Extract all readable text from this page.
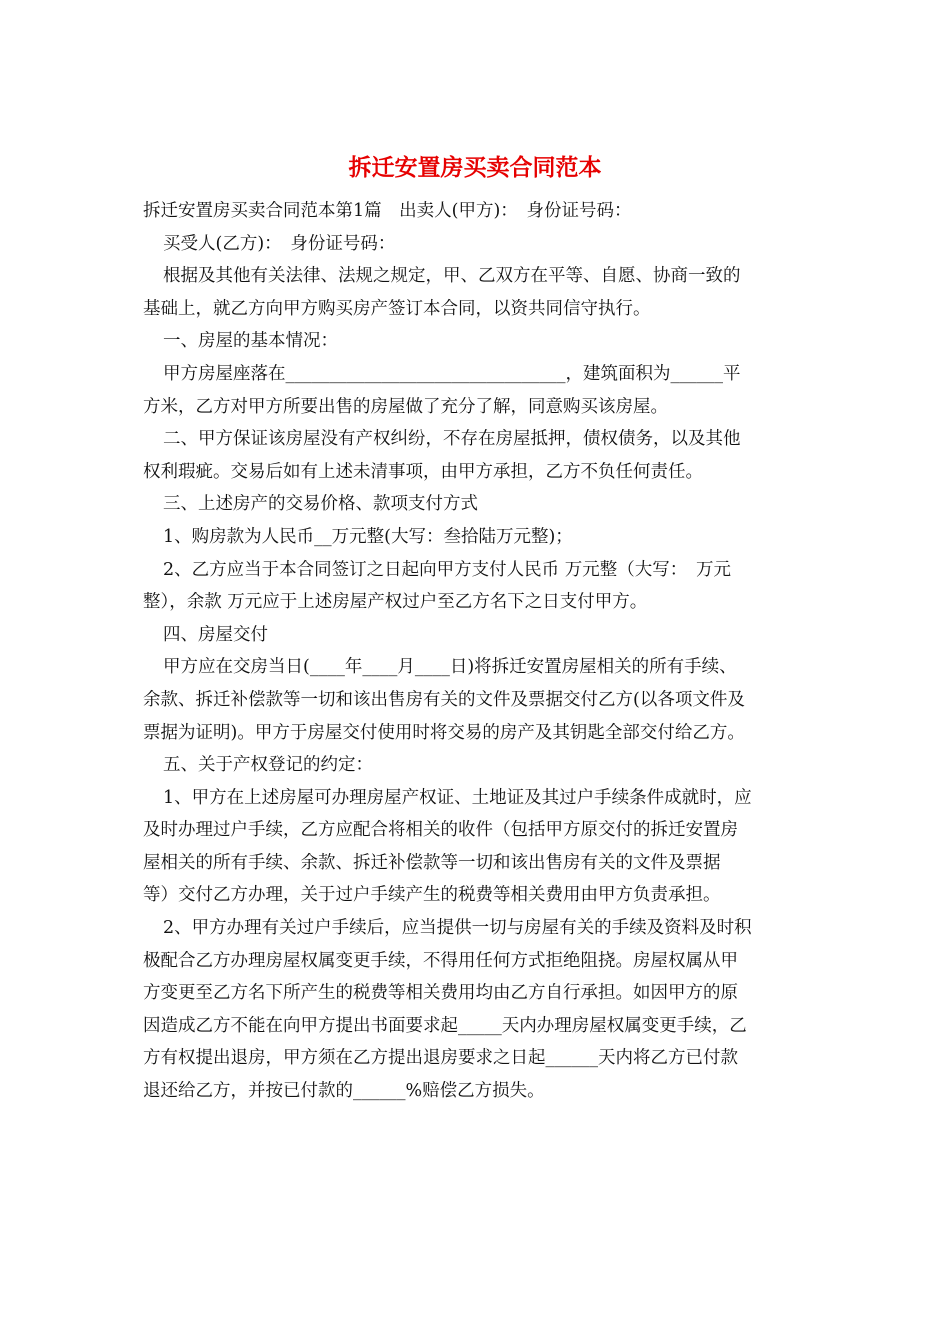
拆迁安置房买卖合同范本
拆迁安置房买卖合同范本第1篇　出卖人(甲方)：　身份证号码：
买受人(乙方)：　身份证号码：
根据及其他有关法律、法规之规定，甲、乙双方在平等、自愿、协商一致的
基础上，就乙方向甲方购买房产签订本合同，以资共同信守执行。
一、房屋的基本情况：
甲方房屋座落在________________________________，建筑面积为______平
方米，乙方对甲方所要出售的房屋做了充分了解，同意购买该房屋。
二、甲方保证该房屋没有产权纠纷，不存在房屋抵押，债权债务，以及其他
权利瑕疵。交易后如有上述未清事项，由甲方承担，乙方不负任何责任。
三、上述房产的交易价格、款项支付方式
1、购房款为人民币__万元整(大写：叁拾陆万元整)；
2、乙方应当于本合同签订之日起向甲方支付人民币 万元整（大写：　万元
整），余款 万元应于上述房屋产权过户至乙方名下之日支付甲方。
四、房屋交付
甲方应在交房当日(____年____月____日)将拆迁安置房屋相关的所有手续、
余款、拆迁补偿款等一切和该出售房有关的文件及票据交付乙方(以各项文件及
票据为证明)。甲方于房屋交付使用时将交易的房产及其钥匙全部交付给乙方。
五、关于产权登记的约定：
1、甲方在上述房屋可办理房屋产权证、土地证及其过户手续条件成就时，应
及时办理过户手续，乙方应配合将相关的收件（包括甲方原交付的拆迁安置房
屋相关的所有手续、余款、拆迁补偿款等一切和该出售房有关的文件及票据
等）交付乙方办理，关于过户手续产生的税费等相关费用由甲方负责承担。
2、甲方办理有关过户手续后，应当提供一切与房屋有关的手续及资料及时积
极配合乙方办理房屋权属变更手续，不得用任何方式拒绝阻挠。房屋权属从甲
方变更至乙方名下所产生的税费等相关费用均由乙方自行承担。如因甲方的原
因造成乙方不能在向甲方提出书面要求起_____天内办理房屋权属变更手续，乙
方有权提出退房，甲方须在乙方提出退房要求之日起______天内将乙方已付款
退还给乙方，并按已付款的______%赔偿乙方损失。
